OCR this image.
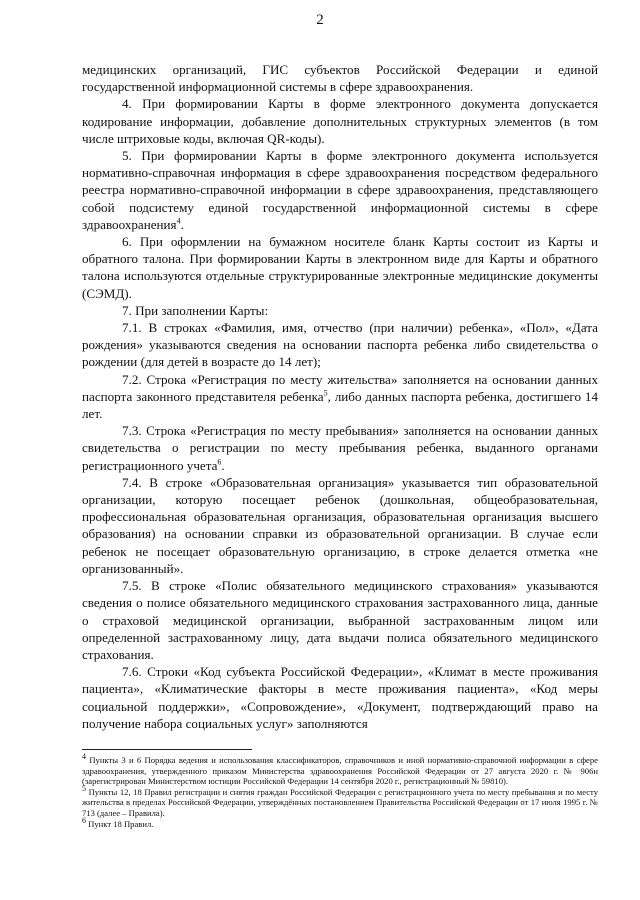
2

медицинских организаций, ГИС субъектов Российской Федерации и единой государственной информационной системы в сфере здравоохранения.

4. При формировании Карты в форме электронного документа допускается кодирование информации, добавление дополнительных структурных элементов (в том числе штриховые коды, включая QR-коды).

5. При формировании Карты в форме электронного документа используется нормативно-справочная информация в сфере здравоохранения посредством федерального реестра нормативно-справочной информации в сфере здравоохранения, представляющего собой подсистему единой государственной информационной системы в сфере здравоохранения$^4$.

6. При оформлении на бумажном носителе бланк Карты состоит из Карты и обратного талона. При формировании Карты в электронном виде для Карты и обратного талона используются отдельные структурированные электронные медицинские документы (СЭМД).

7. При заполнении Карты:

7.1. В строках «Фамилия, имя, отчество (при наличии) ребенка», «Пол», «Дата рождения» указываются сведения на основании паспорта ребенка либо свидетельства о рождении (для детей в возрасте до 14 лет);

7.2. Строка «Регистрация по месту жительства» заполняется на основании данных паспорта законного представителя ребенка$^5$, либо данных паспорта ребенка, достигшего 14 лет.

7.3. Строка «Регистрация по месту пребывания» заполняется на основании данных свидетельства о регистрации по месту пребывания ребенка, выданного органами регистрационного учета$^6$.

7.4. В строке «Образовательная организация» указывается тип образовательной организации, которую посещает ребенок (дошкольная, общеобразовательная, профессиональная образовательная организация, образовательная организация высшего образования) на основании справки из образовательной организации. В случае если ребенок не посещает образовательную организацию, в строке делается отметка «не организованный».

7.5. В строке «Полис обязательного медицинского страхования» указываются сведения о полисе обязательного медицинского страхования застрахованного лица, данные о страховой медицинской организации, выбранной застрахованным лицом или определенной застрахованному лицу, дата выдачи полиса обязательного медицинского страхования.

7.6. Строки «Код субъекта Российской Федерации», «Климат в месте проживания пациента», «Климатические факторы в месте проживания пациента», «Код меры социальной поддержки», «Сопровождение», «Документ, подтверждающий право на получение набора социальных услуг» заполняются

$^4$ Пункты 3 и 6 Порядка ведения и использования классификаторов, справочников и иной нормативно-справочной информации в сфере здравоохранения, утвержденного приказом Министерства здравоохранения Российской Федерации от 27 августа 2020 г. № 906н (зарегистрирован Министерством юстиции Российской Федерации 14 сентября 2020 г., регистрационный № 59810).

$^5$ Пункты 12, 18 Правил регистрации и снятия граждан Российской Федерации с регистрационного учета по месту пребывания и по месту жительства в пределах Российской Федерации, утверждённых постановлением Правительства Российской Федерации от 17 июля 1995 г. № 713 (далее – Правила).

$^6$ Пункт 18 Правил.
